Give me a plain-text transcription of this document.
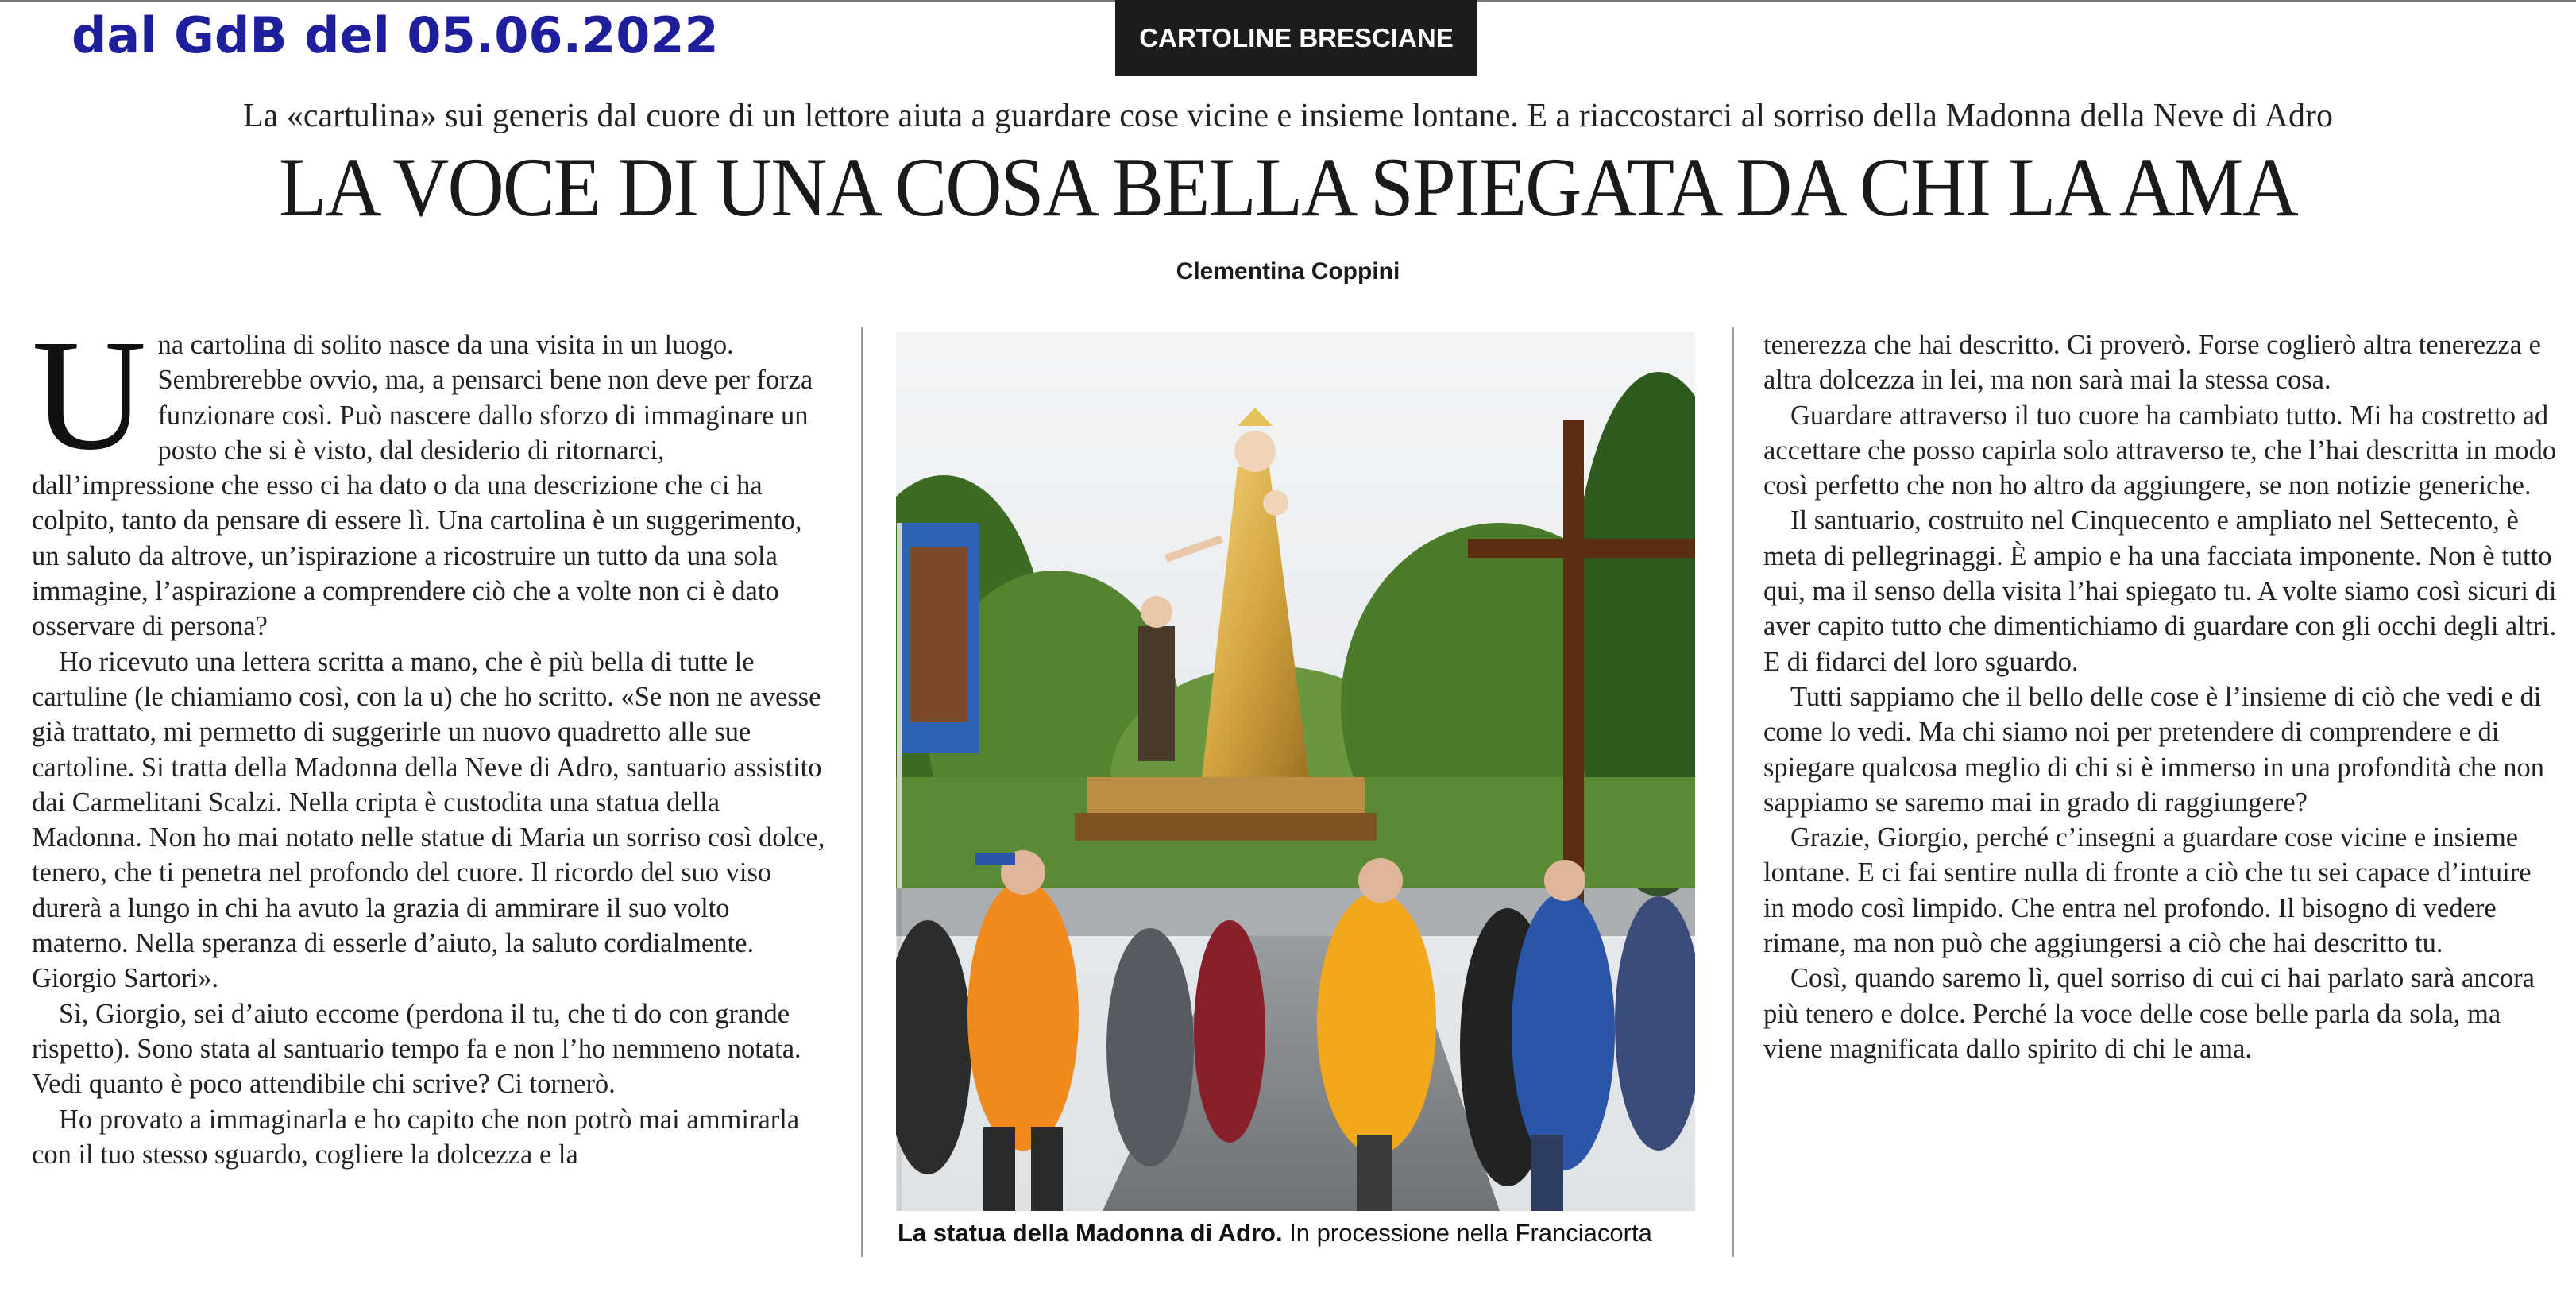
dal GdB del 05.06.2022	CARTOLINE BRESCIANE
La «cartulina» sui generis dal cuore di un lettore aiuta a guardare cose vicine e insieme lontane. E a riaccostarci al sorriso della Madonna della Neve di Adro
LA VOCE DI UNA COSA BELLA SPIEGATA DA CHI LA AMA
Clementina Coppini

Una cartolina di solito nasce da una visita in un luogo. Sembrerebbe ovvio, ma, a pensarci bene non deve per forza funzionare così. Può nascere dallo sforzo di immaginare un posto che si è visto, dal desiderio di ritornarci, dall’impressione che esso ci ha dato o da una descrizione che ci ha colpito, tanto da pensare di essere lì. Una cartolina è un suggerimento, un saluto da altrove, un’ispirazione a ricostruire un tutto da una sola immagine, l’aspirazione a comprendere ciò che a volte non ci è dato osservare di persona?

Ho ricevuto una lettera scritta a mano, che è più bella di tutte le cartuline (le chiamiamo così, con la u) che ho scritto. «Se non ne avesse già trattato, mi permetto di suggerirle un nuovo quadretto alle sue cartoline. Si tratta della Madonna della Neve di Adro, santuario assistito dai Carmelitani Scalzi. Nella cripta è custodita una statua della Madonna. Non ho mai notato nelle statue di Maria un sorriso così dolce, tenero, che ti penetra nel profondo del cuore. Il ricordo del suo viso durerà a lungo in chi ha avuto la grazia di ammirare il suo volto materno. Nella speranza di esserle d’aiuto, la saluto cordialmente. Giorgio Sartori».

Sì, Giorgio, sei d’aiuto eccome (perdona il tu, che ti do con grande rispetto). Sono stata al santuario tempo fa e non l’ho nemmeno notata. Vedi quanto è poco attendibile chi scrive? Ci tornerò.

Ho provato a immaginarla e ho capito che non potrò mai ammirarla con il tuo stesso sguardo, cogliere la dolcezza e la

La statua della Madonna di Adro. In processione nella Franciacorta

tenerezza che hai descritto. Ci proverò. Forse coglierò altra tenerezza e altra dolcezza in lei, ma non sarà mai la stessa cosa.

Guardare attraverso il tuo cuore ha cambiato tutto. Mi ha costretto ad accettare che posso capirla solo attraverso te, che l’hai descritta in modo così perfetto che non ho altro da aggiungere, se non notizie generiche.

Il santuario, costruito nel Cinquecento e ampliato nel Settecento, è meta di pellegrinaggi. È ampio e ha una facciata imponente. Non è tutto qui, ma il senso della visita l’hai spiegato tu. A volte siamo così sicuri di aver capito tutto che dimentichiamo di guardare con gli occhi degli altri. E di fidarci del loro sguardo.

Tutti sappiamo che il bello delle cose è l’insieme di ciò che vedi e di come lo vedi. Ma chi siamo noi per pretendere di comprendere e di spiegare qualcosa meglio di chi si è immerso in una profondità che non sappiamo se saremo mai in grado di raggiungere?

Grazie, Giorgio, perché c’insegni a guardare cose vicine e insieme lontane. E ci fai sentire nulla di fronte a ciò che tu sei capace d’intuire in modo così limpido. Che entra nel profondo. Il bisogno di vedere rimane, ma non può che aggiungersi a ciò che hai descritto tu.

Così, quando saremo lì, quel sorriso di cui ci hai parlato sarà ancora più tenero e dolce. Perché la voce delle cose belle parla da sola, ma viene magnificata dallo spirito di chi le ama.
